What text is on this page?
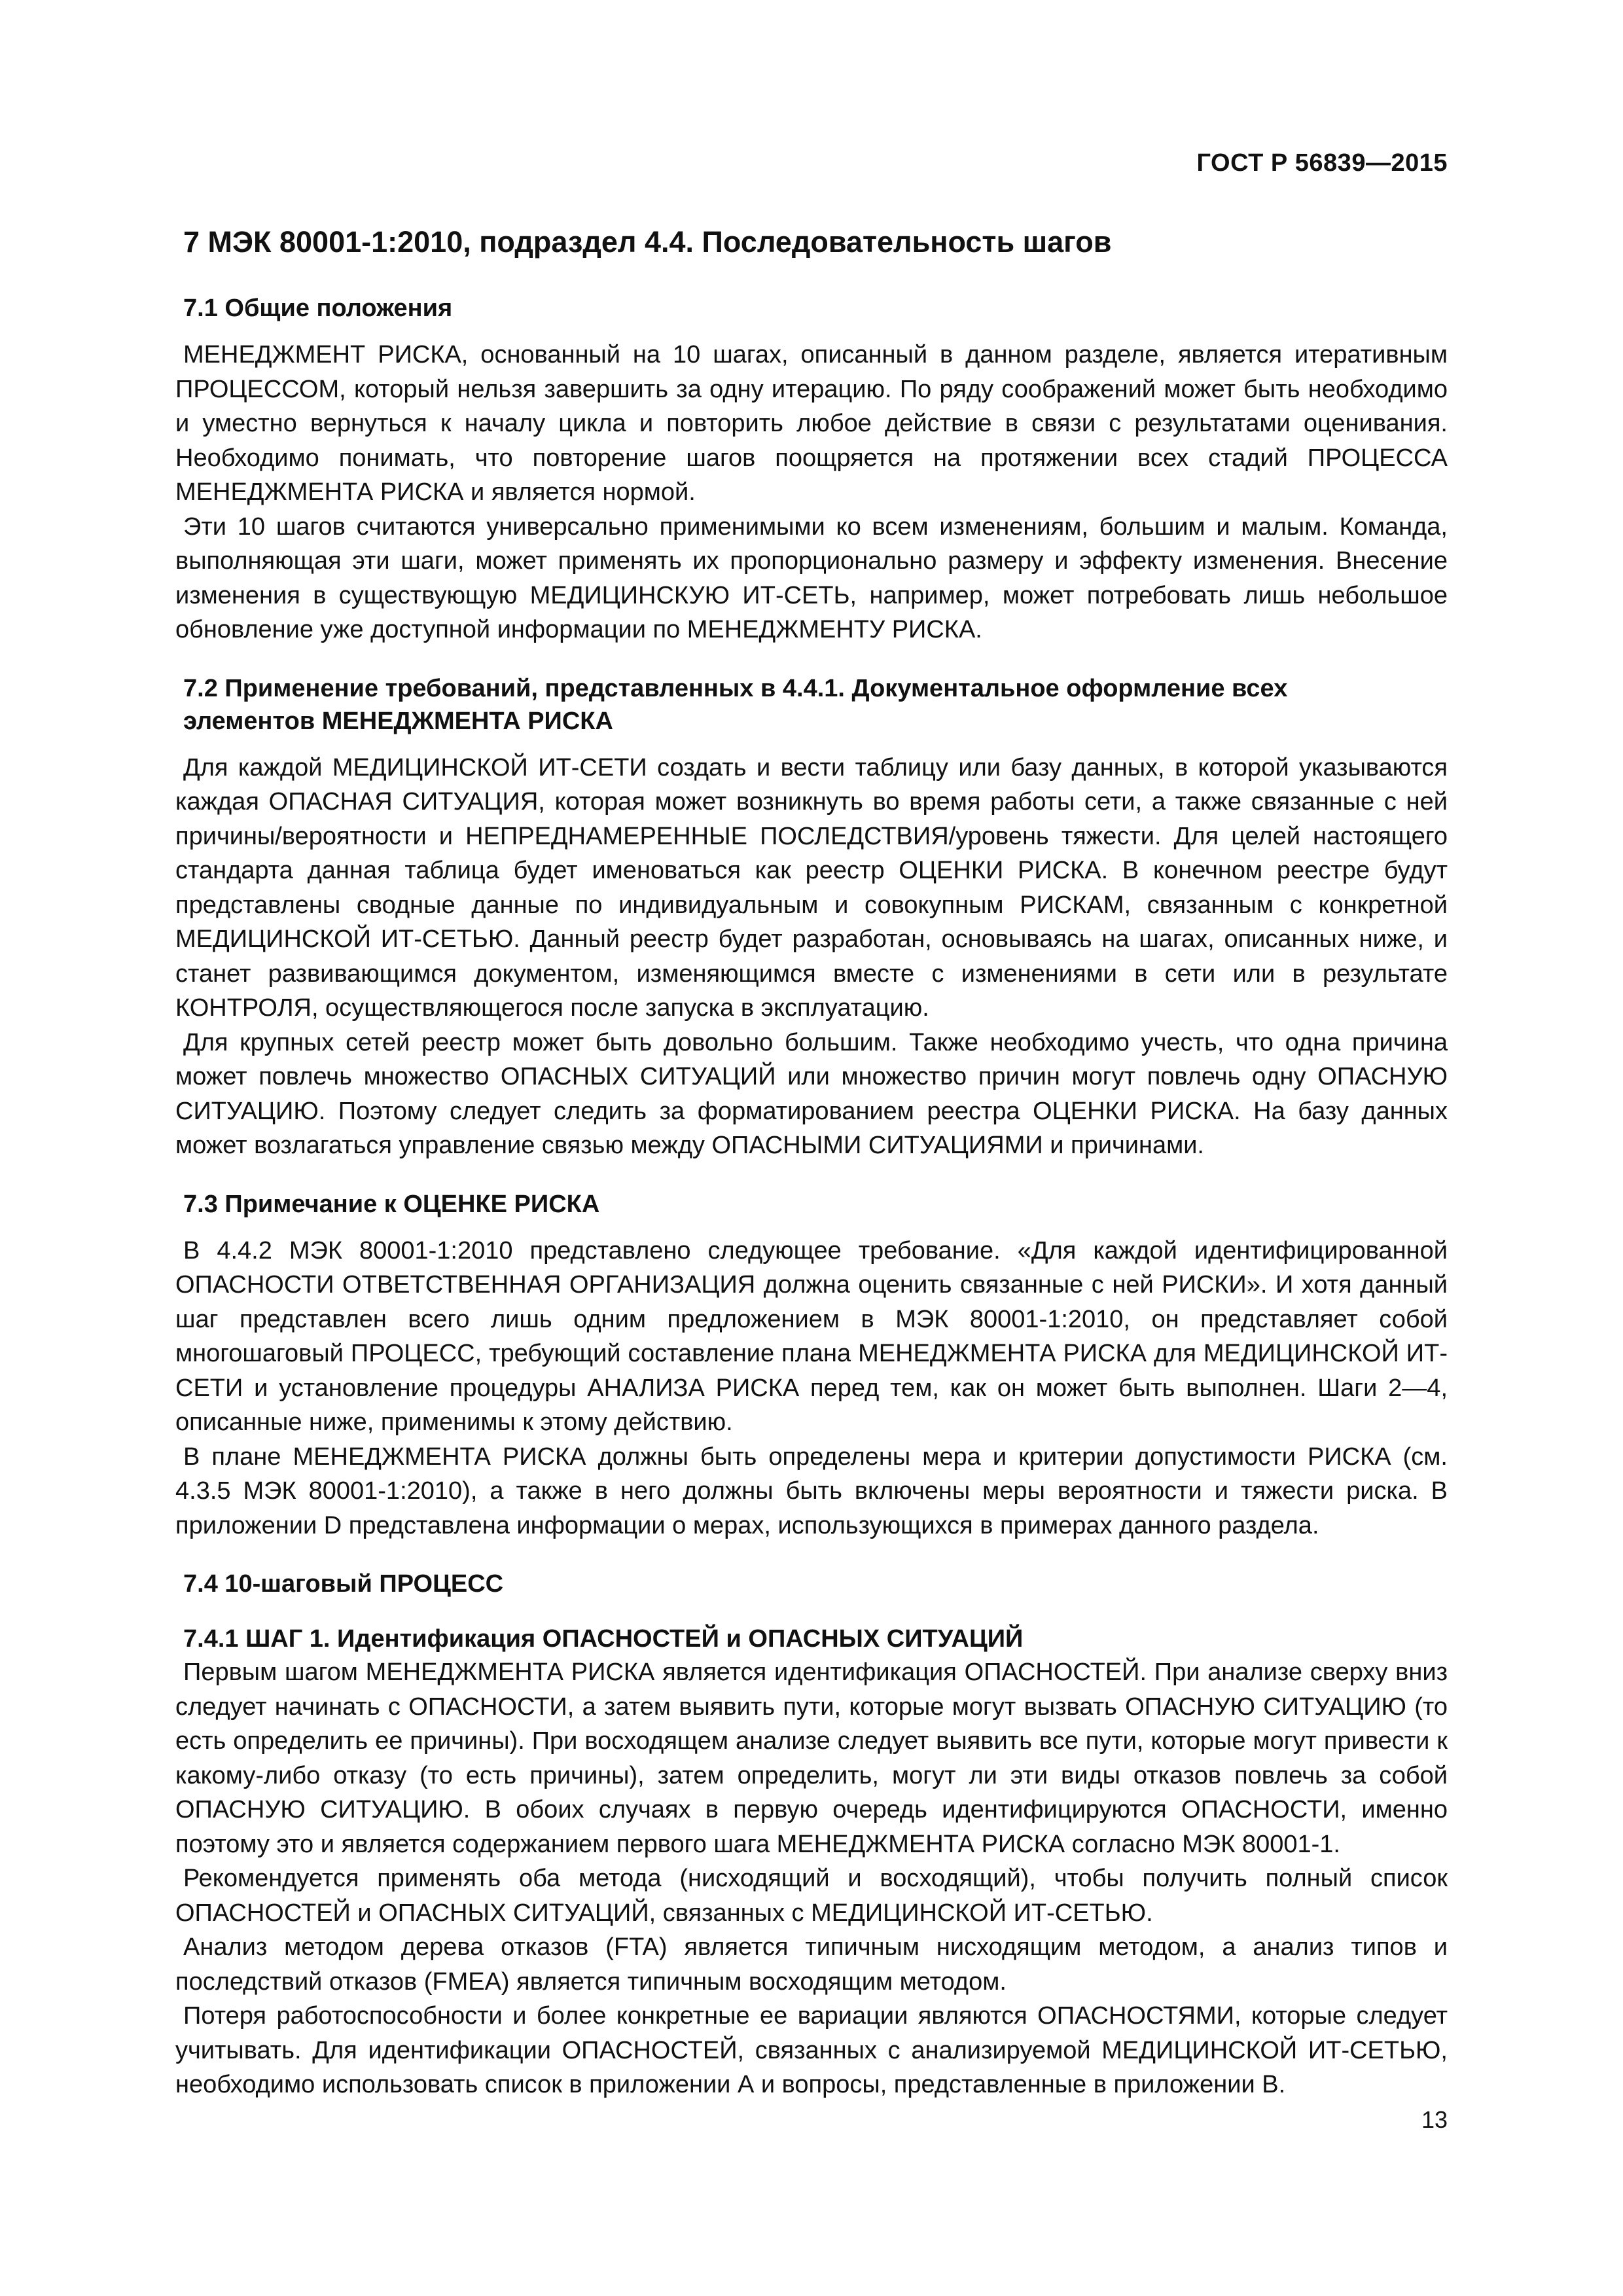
ГОСТ Р 56839—2015
7 МЭК 80001-1:2010, подраздел 4.4. Последовательность шагов
7.1 Общие положения

МЕНЕДЖМЕНТ РИСКА, основанный на 10 шагах, описанный в данном разделе, является итеративным ПРОЦЕССОМ, который нельзя завершить за одну итерацию. По ряду соображений может быть необходимо и уместно вернуться к началу цикла и повторить любое действие в связи с результатами оценивания. Необходимо понимать, что повторение шагов поощряется на протяжении всех стадий ПРОЦЕССА МЕНЕДЖМЕНТА РИСКА и является нормой.

Эти 10 шагов считаются универсально применимыми ко всем изменениям, большим и малым. Команда, выполняющая эти шаги, может применять их пропорционально размеру и эффекту изменения. Внесение изменения в существующую МЕДИЦИНСКУЮ ИТ-СЕТЬ, например, может потребовать лишь небольшое обновление уже доступной информации по МЕНЕДЖМЕНТУ РИСКА.

7.2 Применение требований, представленных в 4.4.1. Документальное оформление всех
элементов МЕНЕДЖМЕНТА РИСКА

Для каждой МЕДИЦИНСКОЙ ИТ-СЕТИ создать и вести таблицу или базу данных, в которой указываются каждая ОПАСНАЯ СИТУАЦИЯ, которая может возникнуть во время работы сети, а также связанные с ней причины/вероятности и НЕПРЕДНАМЕРЕННЫЕ ПОСЛЕДСТВИЯ/уровень тяжести. Для целей настоящего стандарта данная таблица будет именоваться как реестр ОЦЕНКИ РИСКА. В конечном реестре будут представлены сводные данные по индивидуальным и совокупным РИСКАМ, связанным с конкретной МЕДИЦИНСКОЙ ИТ-СЕТЬЮ. Данный реестр будет разработан, основываясь на шагах, описанных ниже, и станет развивающимся документом, изменяющимся вместе с изменениями в сети или в результате КОНТРОЛЯ, осуществляющегося после запуска в эксплуатацию.

Для крупных сетей реестр может быть довольно большим. Также необходимо учесть, что одна причина может повлечь множество ОПАСНЫХ СИТУАЦИЙ или множество причин могут повлечь одну ОПАСНУЮ СИТУАЦИЮ. Поэтому следует следить за форматированием реестра ОЦЕНКИ РИСКА. На базу данных может возлагаться управление связью между ОПАСНЫМИ СИТУАЦИЯМИ и причинами.

7.3 Примечание к ОЦЕНКЕ РИСКА

В 4.4.2 МЭК 80001-1:2010 представлено следующее требование. «Для каждой идентифицированной ОПАСНОСТИ ОТВЕТСТВЕННАЯ ОРГАНИЗАЦИЯ должна оценить связанные с ней РИСКИ». И хотя данный шаг представлен всего лишь одним предложением в МЭК 80001-1:2010, он представляет собой многошаговый ПРОЦЕСС, требующий составление плана МЕНЕДЖМЕНТА РИСКА для МЕДИЦИНСКОЙ ИТ-СЕТИ и установление процедуры АНАЛИЗА РИСКА перед тем, как он может быть выполнен. Шаги 2—4, описанные ниже, применимы к этому действию.

В плане МЕНЕДЖМЕНТА РИСКА должны быть определены мера и критерии допустимости РИСКА (см. 4.3.5 МЭК 80001-1:2010), а также в него должны быть включены меры вероятности и тяжести риска. В приложении D представлена информации о мерах, использующихся в примерах данного раздела.

7.4 10-шаговый ПРОЦЕСС
7.4.1 ШАГ 1. Идентификация ОПАСНОСТЕЙ и ОПАСНЫХ СИТУАЦИЙ

Первым шагом МЕНЕДЖМЕНТА РИСКА является идентификация ОПАСНОСТЕЙ. При анализе сверху вниз следует начинать с ОПАСНОСТИ, а затем выявить пути, которые могут вызвать ОПАСНУЮ СИТУАЦИЮ (то есть определить ее причины). При восходящем анализе следует выявить все пути, которые могут привести к какому-либо отказу (то есть причины), затем определить, могут ли эти виды отказов повлечь за собой ОПАСНУЮ СИТУАЦИЮ. В обоих случаях в первую очередь идентифицируются ОПАСНОСТИ, именно поэтому это и является содержанием первого шага МЕНЕДЖМЕНТА РИСКА согласно МЭК 80001-1.

Рекомендуется применять оба метода (нисходящий и восходящий), чтобы получить полный список ОПАСНОСТЕЙ и ОПАСНЫХ СИТУАЦИЙ, связанных с МЕДИЦИНСКОЙ ИТ-СЕТЬЮ.

Анализ методом дерева отказов (FTA) является типичным нисходящим методом, а анализ типов и последствий отказов (FMEA) является типичным восходящим методом.

Потеря работоспособности и более конкретные ее вариации являются ОПАСНОСТЯМИ, которые следует учитывать. Для идентификации ОПАСНОСТЕЙ, связанных с анализируемой МЕДИЦИНСКОЙ ИТ-СЕТЬЮ, необходимо использовать список в приложении А и вопросы, представленные в приложении В.

13
